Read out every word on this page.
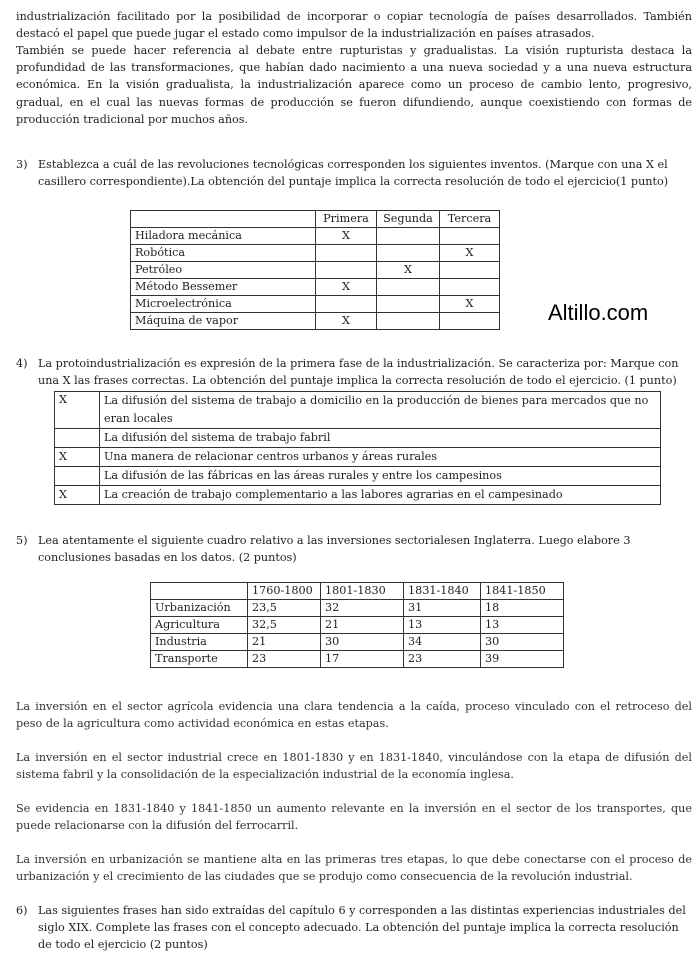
industrialización facilitado por la posibilidad de incorporar o copiar tecnología de países desarrollados. También destacó el papel que puede jugar el estado como impulsor de la industrialización en países atrasados.
También se puede hacer referencia al debate entre rupturistas y gradualistas. La visión rupturista destaca la profundidad de las transformaciones, que habían dado nacimiento a una nueva sociedad y a una nueva estructura económica. En la visión gradualista, la industrialización aparece como un proceso de cambio lento, progresivo, gradual, en el cual las nuevas formas de producción se fueron difundiendo, aunque coexistiendo con formas de producción tradicional por muchos años.
3) Establezca a cuál de las revoluciones tecnológicas corresponden los siguientes inventos. (Marque con una X el casillero correspondiente).La obtención del puntaje implica la correcta resolución de todo el ejercicio(1 punto)
	Primera	Segunda	Tercera
Hiladora mecánica	X		
Robótica			X
Petróleo		X	
Método Bessemer	X		
Microelectrónica			X
Máquina de vapor	X			Altillo.com
4) La protoindustrialización es expresión de la primera fase de la industrialización. Se caracteriza por: Marque con una X las frases correctas. La obtención del puntaje implica la correcta resolución de todo el ejercicio. (1 punto)
X	La difusión del sistema de trabajo a domicilio en la producción de bienes para mercados que no eran locales
	La difusión del sistema de trabajo fabril
X	Una manera de relacionar centros urbanos y áreas rurales
	La difusión de las fábricas en las áreas rurales y entre los campesinos
X	La creación de trabajo complementario a las labores agrarias en el campesinado
5) Lea atentamente el siguiente cuadro relativo a las inversiones sectorialesen Inglaterra. Luego elabore 3 conclusiones basadas en los datos. (2 puntos)
	1760-1800	1801-1830	1831-1840	1841-1850
Urbanización	23,5	32	31	18
Agricultura	32,5	21	13	13
Industria	21	30	34	30
Transporte	23	17	23	39
La inversión en el sector agrícola evidencia una clara tendencia a la caída, proceso vinculado con el retroceso del peso de la agricultura como actividad económica en estas etapas.
La inversión en el sector industrial crece en 1801-1830 y en 1831-1840, vinculándose con la etapa de difusión del sistema fabril y la consolidación de la especialización industrial de la economía inglesa.
Se evidencia en 1831-1840 y 1841-1850 un aumento relevante en la inversión en el sector de los transportes, que puede relacionarse con la difusión del ferrocarril.
La inversión en urbanización se mantiene alta en las primeras tres etapas, lo que debe conectarse con el proceso de urbanización y el crecimiento de las ciudades que se produjo como consecuencia de la revolución industrial.
6) Las siguientes frases han sido extraídas del capítulo 6 y corresponden a las distintas experiencias industriales del siglo XIX. Complete las frases con el concepto adecuado. La obtención del puntaje implica la correcta resolución de todo el ejercicio (2 puntos)
